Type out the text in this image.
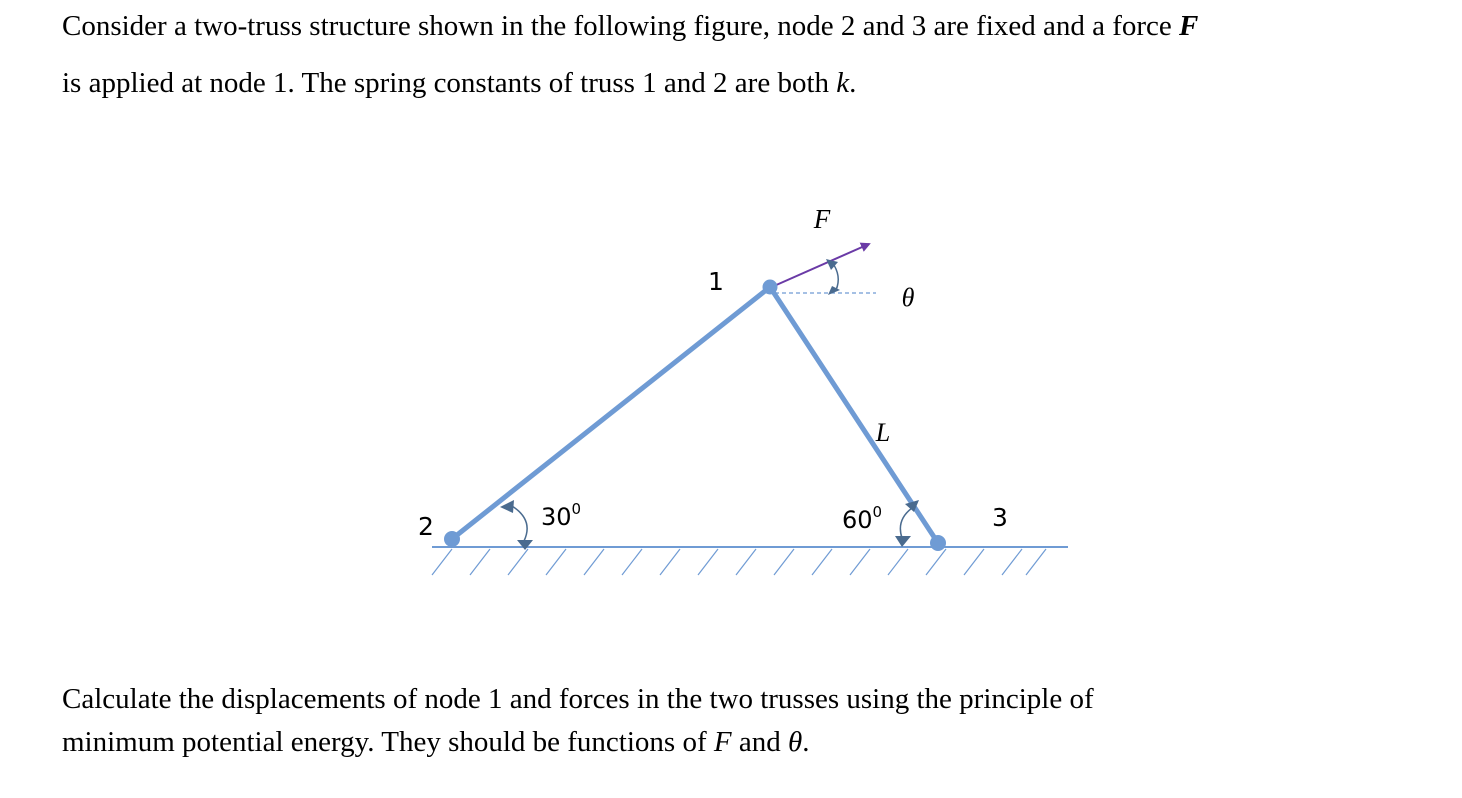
Consider a two-truss structure shown in the following figure, node 2 and 3 are fixed and a force F

is applied at node 1. The spring constants of truss 1 and 2 are both k.

1
2	3
F
θ
L
$30^0$	$60^0$

Calculate the displacements of node 1 and forces in the two trusses using the principle of

minimum potential energy. They should be functions of F and θ.
